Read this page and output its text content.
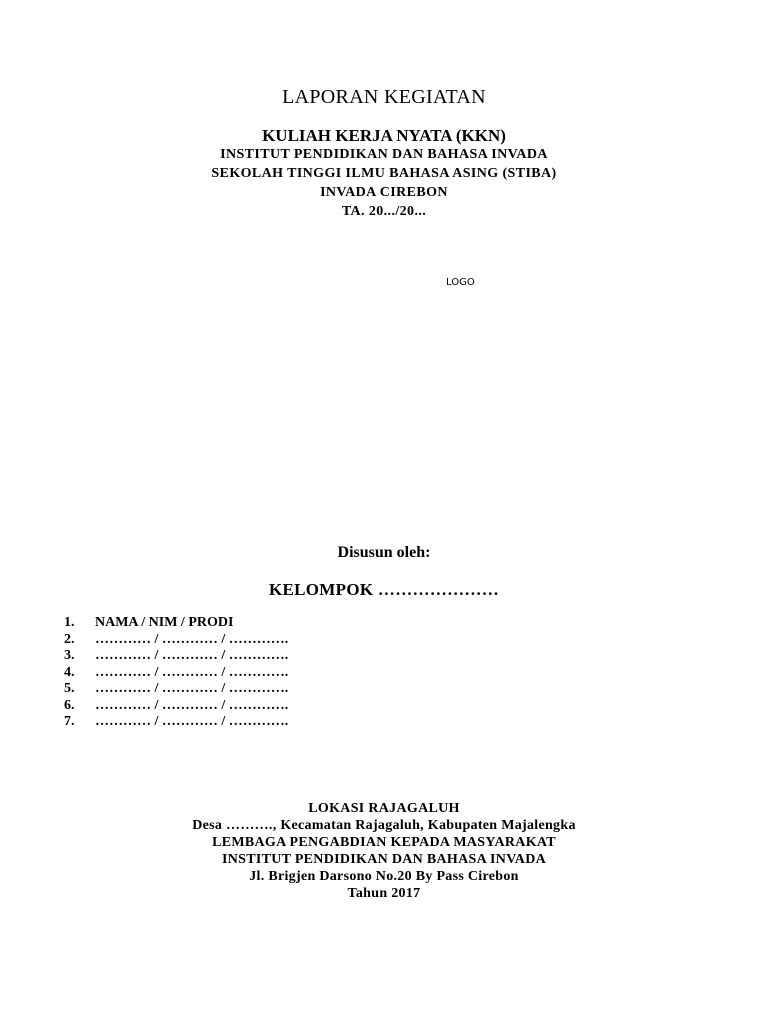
LAPORAN KEGIATAN
KULIAH KERJA NYATA (KKN)
INSTITUT PENDIDIKAN DAN BAHASA INVADA
SEKOLAH TINGGI ILMU BAHASA ASING (STIBA)
INVADA CIREBON
TA. 20.../20...
LOGO
Disusun oleh:
KELOMPOK …………………
1.	NAMA / NIM / PRODI
2.	………… / ………… / ………….
3.	………… / ………… / ………….
4.	………… / ………… / ………….
5.	………… / ………… / ………….
6.	………… / ………… / ………….
7.	………… / ………… / ………….
LOKASI RAJAGALUH
Desa ………., Kecamatan Rajagaluh, Kabupaten Majalengka
LEMBAGA PENGABDIAN KEPADA MASYARAKAT
INSTITUT PENDIDIKAN DAN BAHASA INVADA
Jl. Brigjen Darsono No.20 By Pass Cirebon
Tahun 2017
